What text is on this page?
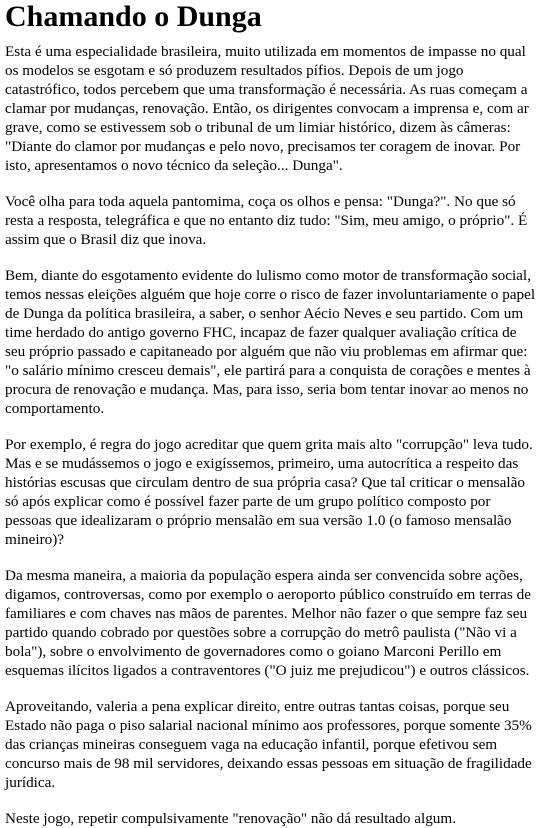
Chamando o Dunga

Esta é uma especialidade brasileira, muito utilizada em momentos de impasse no qual os modelos se esgotam e só produzem resultados pífios. Depois de um jogo catastrófico, todos percebem que uma transformação é necessária. As ruas começam a clamar por mudanças, renovação. Então, os dirigentes convocam a imprensa e, com ar grave, como se estivessem sob o tribunal de um limiar histórico, dizem às câmeras: "Diante do clamor por mudanças e pelo novo, precisamos ter coragem de inovar. Por isto, apresentamos o novo técnico da seleção... Dunga".

Você olha para toda aquela pantomima, coça os olhos e pensa: "Dunga?". No que só resta a resposta, telegráfica e que no entanto diz tudo: "Sim, meu amigo, o próprio". É assim que o Brasil diz que inova.

Bem, diante do esgotamento evidente do lulismo como motor de transformação social, temos nessas eleições alguém que hoje corre o risco de fazer involuntariamente o papel de Dunga da política brasileira, a saber, o senhor Aécio Neves e seu partido. Com um time herdado do antigo governo FHC, incapaz de fazer qualquer avaliação crítica de seu próprio passado e capitaneado por alguém que não viu problemas em afirmar que: "o salário mínimo cresceu demais", ele partirá para a conquista de corações e mentes à procura de renovação e mudança. Mas, para isso, seria bom tentar inovar ao menos no comportamento.

Por exemplo, é regra do jogo acreditar que quem grita mais alto "corrupção" leva tudo. Mas e se mudássemos o jogo e exigíssemos, primeiro, uma autocrítica a respeito das histórias escusas que circulam dentro de sua própria casa? Que tal criticar o mensalão só após explicar como é possível fazer parte de um grupo político composto por pessoas que idealizaram o próprio mensalão em sua versão 1.0 (o famoso mensalão mineiro)?

Da mesma maneira, a maioria da população espera ainda ser convencida sobre ações, digamos, controversas, como por exemplo o aeroporto público construído em terras de familiares e com chaves nas mãos de parentes. Melhor não fazer o que sempre faz seu partido quando cobrado por questões sobre a corrupção do metrô paulista ("Não vi a bola"), sobre o envolvimento de governadores como o goiano Marconi Perillo em esquemas ilícitos ligados a contraventores ("O juiz me prejudicou") e outros clássicos.

Aproveitando, valeria a pena explicar direito, entre outras tantas coisas, porque seu Estado não paga o piso salarial nacional mínimo aos professores, porque somente 35% das crianças mineiras conseguem vaga na educação infantil, porque efetivou sem concurso mais de 98 mil servidores, deixando essas pessoas em situação de fragilidade jurídica.

Neste jogo, repetir compulsivamente "renovação" não dá resultado algum.
